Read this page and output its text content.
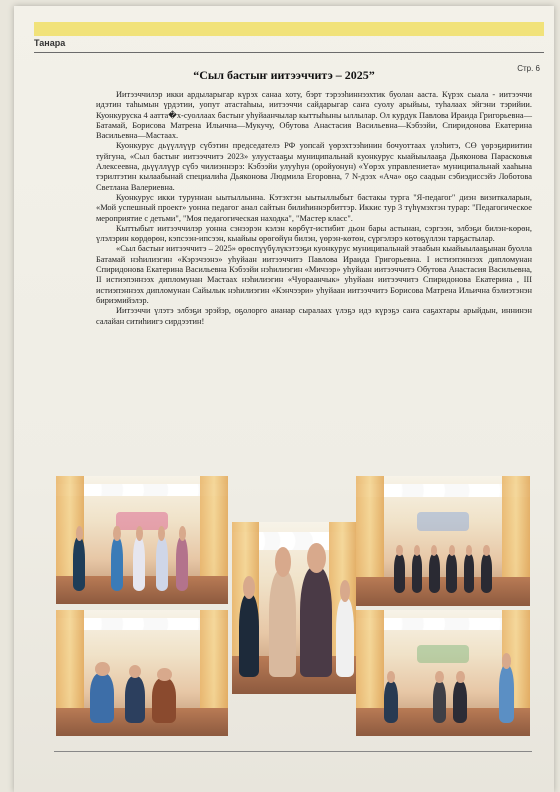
Танара
Стр. 6
“Сыл бастыҥ иитээччитэ – 2025”

Иитээччилэр икки ардыларыгар күрэх санаа хоту, бэрт тэрээһиннээхтик буолан ааста. Күрэх сыала - иитээччи идэтин таһымын үрдэтии, уопут атастаһыы, иитээччи сайдарыгар саҥа суолу арыйыы, туһалаах эйгэни тэрийии. Куонкуруска 4 аатта�х-суоллаах бастыҥ уһуйаанчылар кыттыһыны ыллылар. Ол курдук Павлова Ираида Григорьевна—Батамай, Борисова Матрена Ильична—Мукучу, Обутова Анастасия Васильевна—Кэбээйи, Спиридонова Екатерина Васильевна—Мастаах.

Куонкурус дьүүллүүр сүбэтин председателэ РФ уопсай үөрэхтээһинин бочуоттаах үлэһитэ, СӨ үөрэҕириитин туйгуна, «Сыл бастыҥ иитээччитэ 2023» улуустааҕы муниципальнай куонкурус кыайыылааҕа Дьяконова Парасковья Алексеевна, дьүүллүүр сүбэ чилиэннэрэ: Кэбээйи улууһун (оройуонун) «Үөрэх управлениета» муниципальнай хааһына тэрилтэтин кылаабынай специалиһа Дьяконова Людмила Егоровна, 7 N-дээх «Ача» оҕо саадын сэбиэдиссэйэ Лоботова Светлана Валериевна.

Куонкурус икки туруннан ыытыллынна. Кэтэхтэн ыытыллыбыт бастакы турга "Я-педагог" диэн визиткаларын, «Мой успешный проект» уонна педагог анал сайтын билиһиннэрбиттэр. Иккис тур 3 түһүмэхтэн турар: "Педагогическое мероприятие с детьми", "Моя педагогическая находка", "Мастер класс".

Кыттыбыт иитээччилэр уонна сэнээрэн кэлэн көрбүт-истибит дьон бары астынан, сэргээн, элбэҕи билэн-көрөн, үлэлэрин көрдөрөн, кэпсээн-ипсээн, кыайыы өрөгөйүн билэн, үөрэн-көтөн, сүргэлэрэ көтөҕүллэн тарҕастылар.

«Сыл бастыҥ иитээччитэ – 2025» өрөспүүбүлүкэтээҕи куонкурус муниципальнай этаабын кыайыылааҕынан буолла Батамай нэһилиэгин «Кэрэчээнэ» уһуйаан иитээччитэ Павлова Ираида Григорьевна. I истиэпэннээх дипломунан Спиридонова Екатерина Васильевна Кэбээйи нэһилиэгин «Мичээр» уһуйаан иитээччитэ Обутова Анастасия Васильевна, II истиэпэннээх дипломунан Мастаах нэһилиэгин «Чуораанчык» уһуйаан иитээччитэ Спиридонова Екатерина , III истиэпэннээх дипломунан Сайылык нэһилиэгин «Кэнчээри» уһуйаан иитээччитэ Борисова Матрена Ильична бэлиэтэнэн бириэмийэлэр.

Иитээччи үлэтэ элбэҕи эрэйэр, оҕолорго ананар сыралаах үлэҕэ идэ күрэҕэ саҥа саҕахтары арыйдын, иннинэн салайан ситиһиигэ сирдээтин!
